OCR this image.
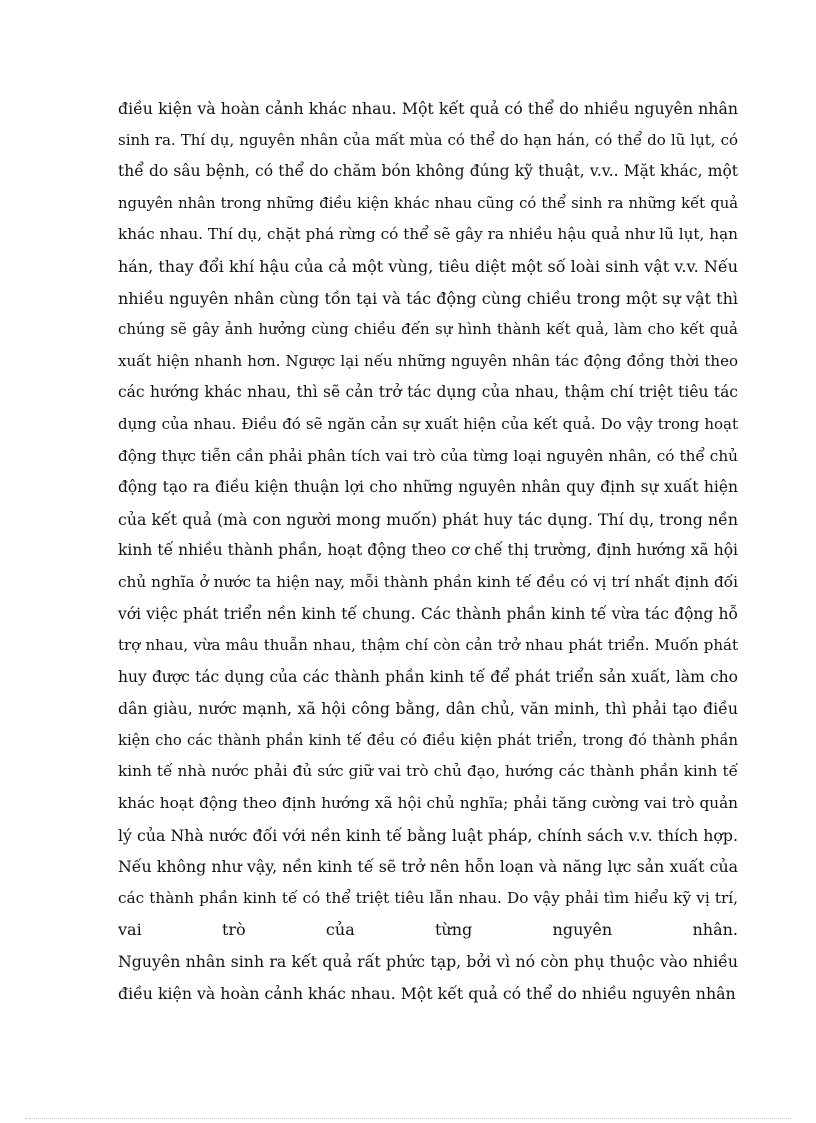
điều kiện và hoàn cảnh khác nhau. Một kết quả có thể do nhiều nguyên nhân
sinh ra. Thí dụ, nguyên nhân của mất mùa có thể do hạn hán, có thể do lũ lụt, có
thể do sâu bệnh, có thể do chăm bón không đúng kỹ thuật, v.v.. Mặt khác, một
nguyên nhân trong những điều kiện khác nhau cũng có thể sinh ra những kết quả
khác nhau. Thí dụ, chặt phá rừng có thể sẽ gây ra nhiều hậu quả như lũ lụt, hạn
hán, thay đổi khí hậu của cả một vùng, tiêu diệt một số loài sinh vật v.v. Nếu
nhiều nguyên nhân cùng tồn tại và tác động cùng chiều trong một sự vật thì
chúng sẽ gây ảnh hưởng cùng chiều đến sự hình thành kết quả, làm cho kết quả
xuất hiện nhanh hơn. Ngược lại nếu những nguyên nhân tác động đồng thời theo
các hướng khác nhau, thì sẽ cản trở tác dụng của nhau, thậm chí triệt tiêu tác
dụng của nhau. Điều đó sẽ ngăn cản sự xuất hiện của kết quả. Do vậy trong hoạt
động thực tiễn cần phải phân tích vai trò của từng loại nguyên nhân, có thể chủ
động tạo ra điều kiện thuận lợi cho những nguyên nhân quy định sự xuất hiện
của kết quả (mà con người mong muốn) phát huy tác dụng. Thí dụ, trong nền
kinh tế nhiều thành phần, hoạt động theo cơ chế thị trường, định hướng xã hội
chủ nghĩa ở nước ta hiện nay, mỗi thành phần kinh tế đều có vị trí nhất định đối
với việc phát triển nền kinh tế chung. Các thành phần kinh tế vừa tác động hỗ
trợ nhau, vừa mâu thuẫn nhau, thậm chí còn cản trở nhau phát triển. Muốn phát
huy được tác dụng của các thành phần kinh tế để phát triển sản xuất, làm cho
dân giàu, nước mạnh, xã hội công bằng, dân chủ, văn minh, thì phải tạo điều
kiện cho các thành phần kinh tế đều có điều kiện phát triển, trong đó thành phần
kinh tế nhà nước phải đủ sức giữ vai trò chủ đạo, hướng các thành phần kinh tế
khác hoạt động theo định hướng xã hội chủ nghĩa; phải tăng cường vai trò quản
lý của Nhà nước đối với nền kinh tế bằng luật pháp, chính sách v.v. thích hợp.
Nếu không như vậy, nền kinh tế sẽ trở nên hỗn loạn và năng lực sản xuất của
các thành phần kinh tế có thể triệt tiêu lẫn nhau. Do vậy phải tìm hiểu kỹ vị trí,
vai trò của từng nguyên nhân.
Nguyên nhân sinh ra kết quả rất phức tạp, bởi vì nó còn phụ thuộc vào nhiều
điều kiện và hoàn cảnh khác nhau. Một kết quả có thể do nhiều nguyên nhân
